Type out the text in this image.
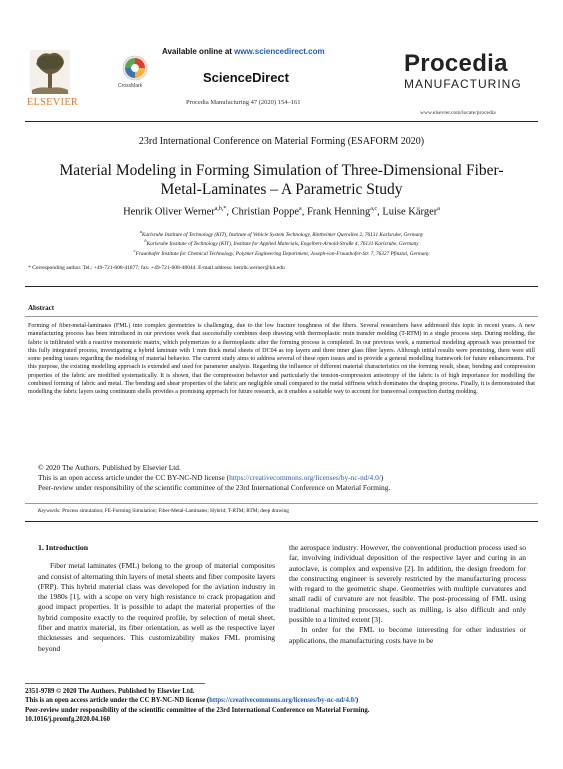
ELSEVIER
CrossMark
Available online at www.sciencedirect.com
ScienceDirect
Procedia Manufacturing 47 (2020) 154–161
Procedia
MANUFACTURING
www.elsevier.com/locate/procedia
23rd International Conference on Material Forming (ESAFORM 2020)
Material Modeling in Forming Simulation of Three-Dimensional Fiber-
Metal-Laminates – A Parametric Study
Henrik Oliver Werner$^{a,b,*}$, Christian Poppe$^a$, Frank Henning$^{a,c}$, Luise Kärger$^a$
$^a$Karlsruhe Institute of Technology (KIT), Institute of Vehicle System Technology, Rintheimer Querallee 2, 76131 Karlsruhe, Germany
$^b$Karlsruhe Institute of Technology (KIT), Institute for Applied Materials, Engelbert-Arnold-Straße 4, 76131 Karlsruhe, Germany
$^c$Fraunhofer Institute for Chemical Technology, Polymer Engineering Department, Joseph-von-Fraunhofer-Str. 7, 76327 Pfinztal, Germany
* Corresponding author. Tel.: +49-721-608-41877; fax: +49-721-608-48044. E-mail address: henrik.werner@kit.edu
Abstract
Forming of fiber-metal-laminates (FML) into complex geometries is challenging, due to the low fracture toughness of the fibers. Several researchers have addressed this topic in recent years. A new manufacturing process has been introduced in our previous work that successfully combines deep drawing with thermoplastic resin transfer molding (T-RTM) in a single process step. During molding, the fabric is infiltrated with a reactive monomeric matrix, which polymerizes to a thermoplastic after the forming process is completed. In our previous work, a numerical modeling approach was presented for this fully integrated process, investigating a hybrid laminate with 1 mm thick metal sheets of DC04 as top layers and three inner glass fiber layers. Although initial results were promising, there were still some pending issues regarding the modeling of material behavior. The current study aims to address several of these open issues and to provide a general modelling framework for future enhancements. For this purpose, the existing modelling approach is extended and used for parameter analysis. Regarding the influence of different material characteristics on the forming result, shear, bending and compression properties of the fabric are modified systematically. It is shown, that the compression behavior and particularly the tension-compression anisotropy of the fabric is of high importance for modelling the combined forming of fabric and metal. The bending and shear properties of the fabric are negligible small compared to the metal stiffness which dominates the draping process. Finally, it is demonstrated that modelling the fabric layers using continuum shells provides a promising approach for future research, as it enables a suitable way to account for transversal compaction during molding.
© 2020 The Authors. Published by Elsevier Ltd.
This is an open access article under the CC BY-NC-ND license (https://creativecommons.org/licenses/by-nc-nd/4.0/)
Peer-review under responsibility of the scientific committee of the 23rd International Conference on Material Forming.
Keywords: Process simulation; FE-Forming Simulation; Fiber-Metal-Laminates; Hybrid; T-RTM; RTM; deep drawing
1. Introduction

Fiber metal laminates (FML) belong to the group of material composites and consist of alternating thin layers of metal sheets and fiber composite layers (FRP). This hybrid material class was developed for the aviation industry in the 1980s [1], with a scope on very high resistance to crack propagation and good impact properties. It is possible to adapt the material properties of the hybrid composite exactly to the required profile, by selection of metal sheet, fiber and matrix material, its fiber orientation, as well as the respective layer thicknesses and sequences. This customizability makes FML promising beyond

the aerospace industry. However, the conventional production process used so far, involving individual deposition of the respective layer and curing in an autoclave, is complex and expensive [2]. In addition, the design freedom for the constructing engineer is severely restricted by the manufacturing process with regard to the geometric shape. Geometries with multiple curvatures and small radii of curvature are not feasible. The post-processing of FML using traditional machining processes, such as milling, is also difficult and only possible to a limited extent [3].

In order for the FML to become interesting for other industries or applications, the manufacturing costs have to be

2351-9789 © 2020 The Authors. Published by Elsevier Ltd.
This is an open access article under the CC BY-NC-ND license (https://creativecommons.org/licenses/by-nc-nd/4.0/)
Peer-review under responsibility of the scientific committee of the 23rd International Conference on Material Forming.
10.1016/j.promfg.2020.04.160
